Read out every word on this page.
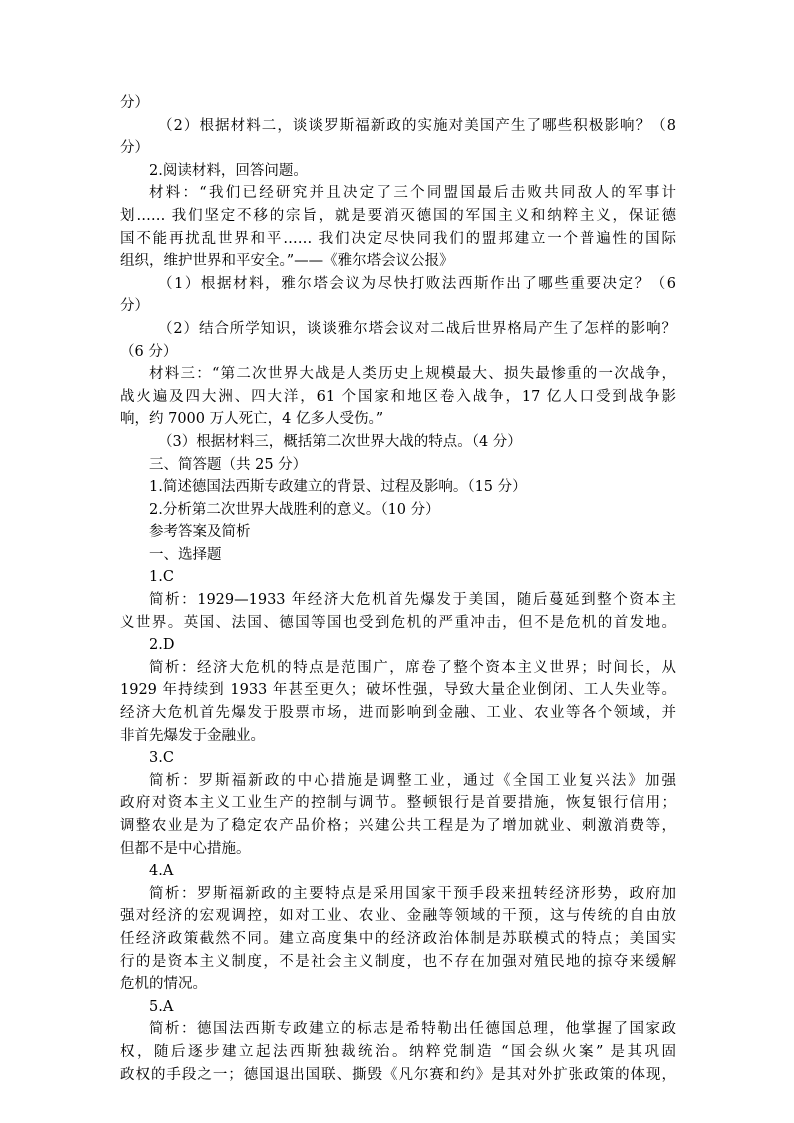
分）
（2）根据材料二，谈谈罗斯福新政的实施对美国产生了哪些积极影响？（8
分）
2.阅读材料，回答问题。
材料：“我们已经研究并且决定了三个同盟国最后击败共同敌人的军事计
划…… 我们坚定不移的宗旨，就是要消灭德国的军国主义和纳粹主义，保证德
国不能再扰乱世界和平…… 我们决定尽快同我们的盟邦建立一个普遍性的国际
组织，维护世界和平安全。”——《雅尔塔会议公报》
（1）根据材料，雅尔塔会议为尽快打败法西斯作出了哪些重要决定？（6
分）
（2）结合所学知识，谈谈雅尔塔会议对二战后世界格局产生了怎样的影响？
（6 分）
材料三：“第二次世界大战是人类历史上规模最大、损失最惨重的一次战争，
战火遍及四大洲、四大洋，61 个国家和地区卷入战争，17 亿人口受到战争影
响，约 7000 万人死亡，4 亿多人受伤。”
（3）根据材料三，概括第二次世界大战的特点。（4 分）
三、简答题（共 25 分）
1.简述德国法西斯专政建立的背景、过程及影响。（15 分）
2.分析第二次世界大战胜利的意义。（10 分）
参考答案及简析
一、选择题
1.C
简析：1929—1933 年经济大危机首先爆发于美国，随后蔓延到整个资本主
义世界。英国、法国、德国等国也受到危机的严重冲击，但不是危机的首发地。
2.D
简析：经济大危机的特点是范围广，席卷了整个资本主义世界；时间长，从
1929 年持续到 1933 年甚至更久；破坏性强，导致大量企业倒闭、工人失业等。
经济大危机首先爆发于股票市场，进而影响到金融、工业、农业等各个领域，并
非首先爆发于金融业。
3.C
简析：罗斯福新政的中心措施是调整工业，通过《全国工业复兴法》加强
政府对资本主义工业生产的控制与调节。整顿银行是首要措施，恢复银行信用；
调整农业是为了稳定农产品价格；兴建公共工程是为了增加就业、刺激消费等，
但都不是中心措施。
4.A
简析：罗斯福新政的主要特点是采用国家干预手段来扭转经济形势，政府加
强对经济的宏观调控，如对工业、农业、金融等领域的干预，这与传统的自由放
任经济政策截然不同。建立高度集中的经济政治体制是苏联模式的特点；美国实
行的是资本主义制度，不是社会主义制度，也不存在加强对殖民地的掠夺来缓解
危机的情况。
5.A
简析：德国法西斯专政建立的标志是希特勒出任德国总理，他掌握了国家政
权，随后逐步建立起法西斯独裁统治。纳粹党制造 “国会纵火案” 是其巩固
政权的手段之一；德国退出国联、撕毁《凡尔赛和约》是其对外扩张政策的体现，
